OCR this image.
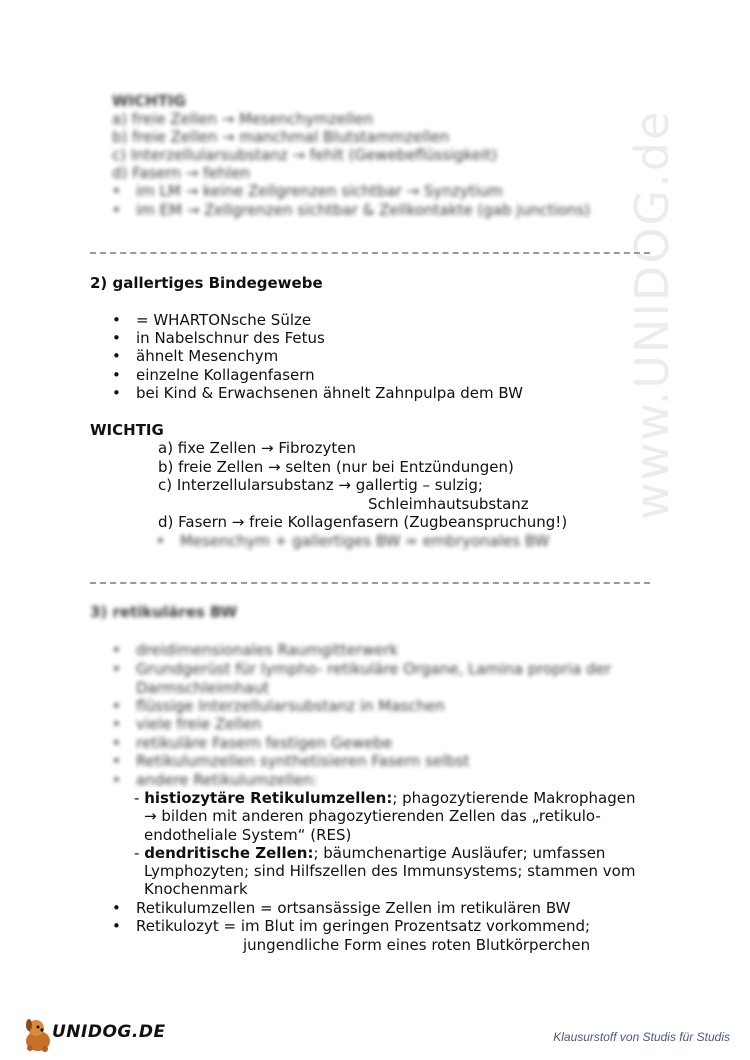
www.UNIDOG.de
WICHTIG
a) freie Zellen → Mesenchymzellen
b) freie Zellen → manchmal Blutstammzellen
c) Interzellularsubstanz → fehlt (Gewebeflüssigkeit)
d) Fasern → fehlen
• im LM → keine Zellgrenzen sichtbar → Synzytium
• im EM → Zellgrenzen sichtbar & Zellkontakte (gab junctions)
2) gallertiges Bindegewebe
• = WHARTONsche Sülze
• in Nabelschnur des Fetus
• ähnelt Mesenchym
• einzelne Kollagenfasern
• bei Kind & Erwachsenen ähnelt Zahnpulpa dem BW
WICHTIG
a) fixe Zellen → Fibrozyten
b) freie Zellen → selten (nur bei Entzündungen)
c) Interzellularsubstanz → gallertig – sulzig;
Schleimhautsubstanz
d) Fasern → freie Kollagenfasern (Zugbeanspruchung!)
• Mesenchym + gallertiges BW = embryonales BW
3) retikuläres BW
• dreidimensionales Raumgitterwerk
• Grundgerüst für lympho- retikuläre Organe, Lamina propria der
Darmschleimhaut
• flüssige Interzellularsubstanz in Maschen
• viele freie Zellen
• retikuläre Fasern festigen Gewebe
• Retikulumzellen synthetisieren Fasern selbst
• andere Retikulumzellen:
- histiozytäre Retikulumzellen:; phagozytierende Makrophagen
→ bilden mit anderen phagozytierenden Zellen das „retikulo-
endotheliale System“ (RES)
- dendritische Zellen:; bäumchenartige Ausläufer; umfassen
Lymphozyten; sind Hilfszellen des Immunsystems; stammen vom
Knochenmark
• Retikulumzellen = ortsansässige Zellen im retikulären BW
• Retikulozyt = im Blut im geringen Prozentsatz vorkommend;
jungendliche Form eines roten Blutkörperchen
UNIDOG.DE	Klausurstoff von Studis für Studis
